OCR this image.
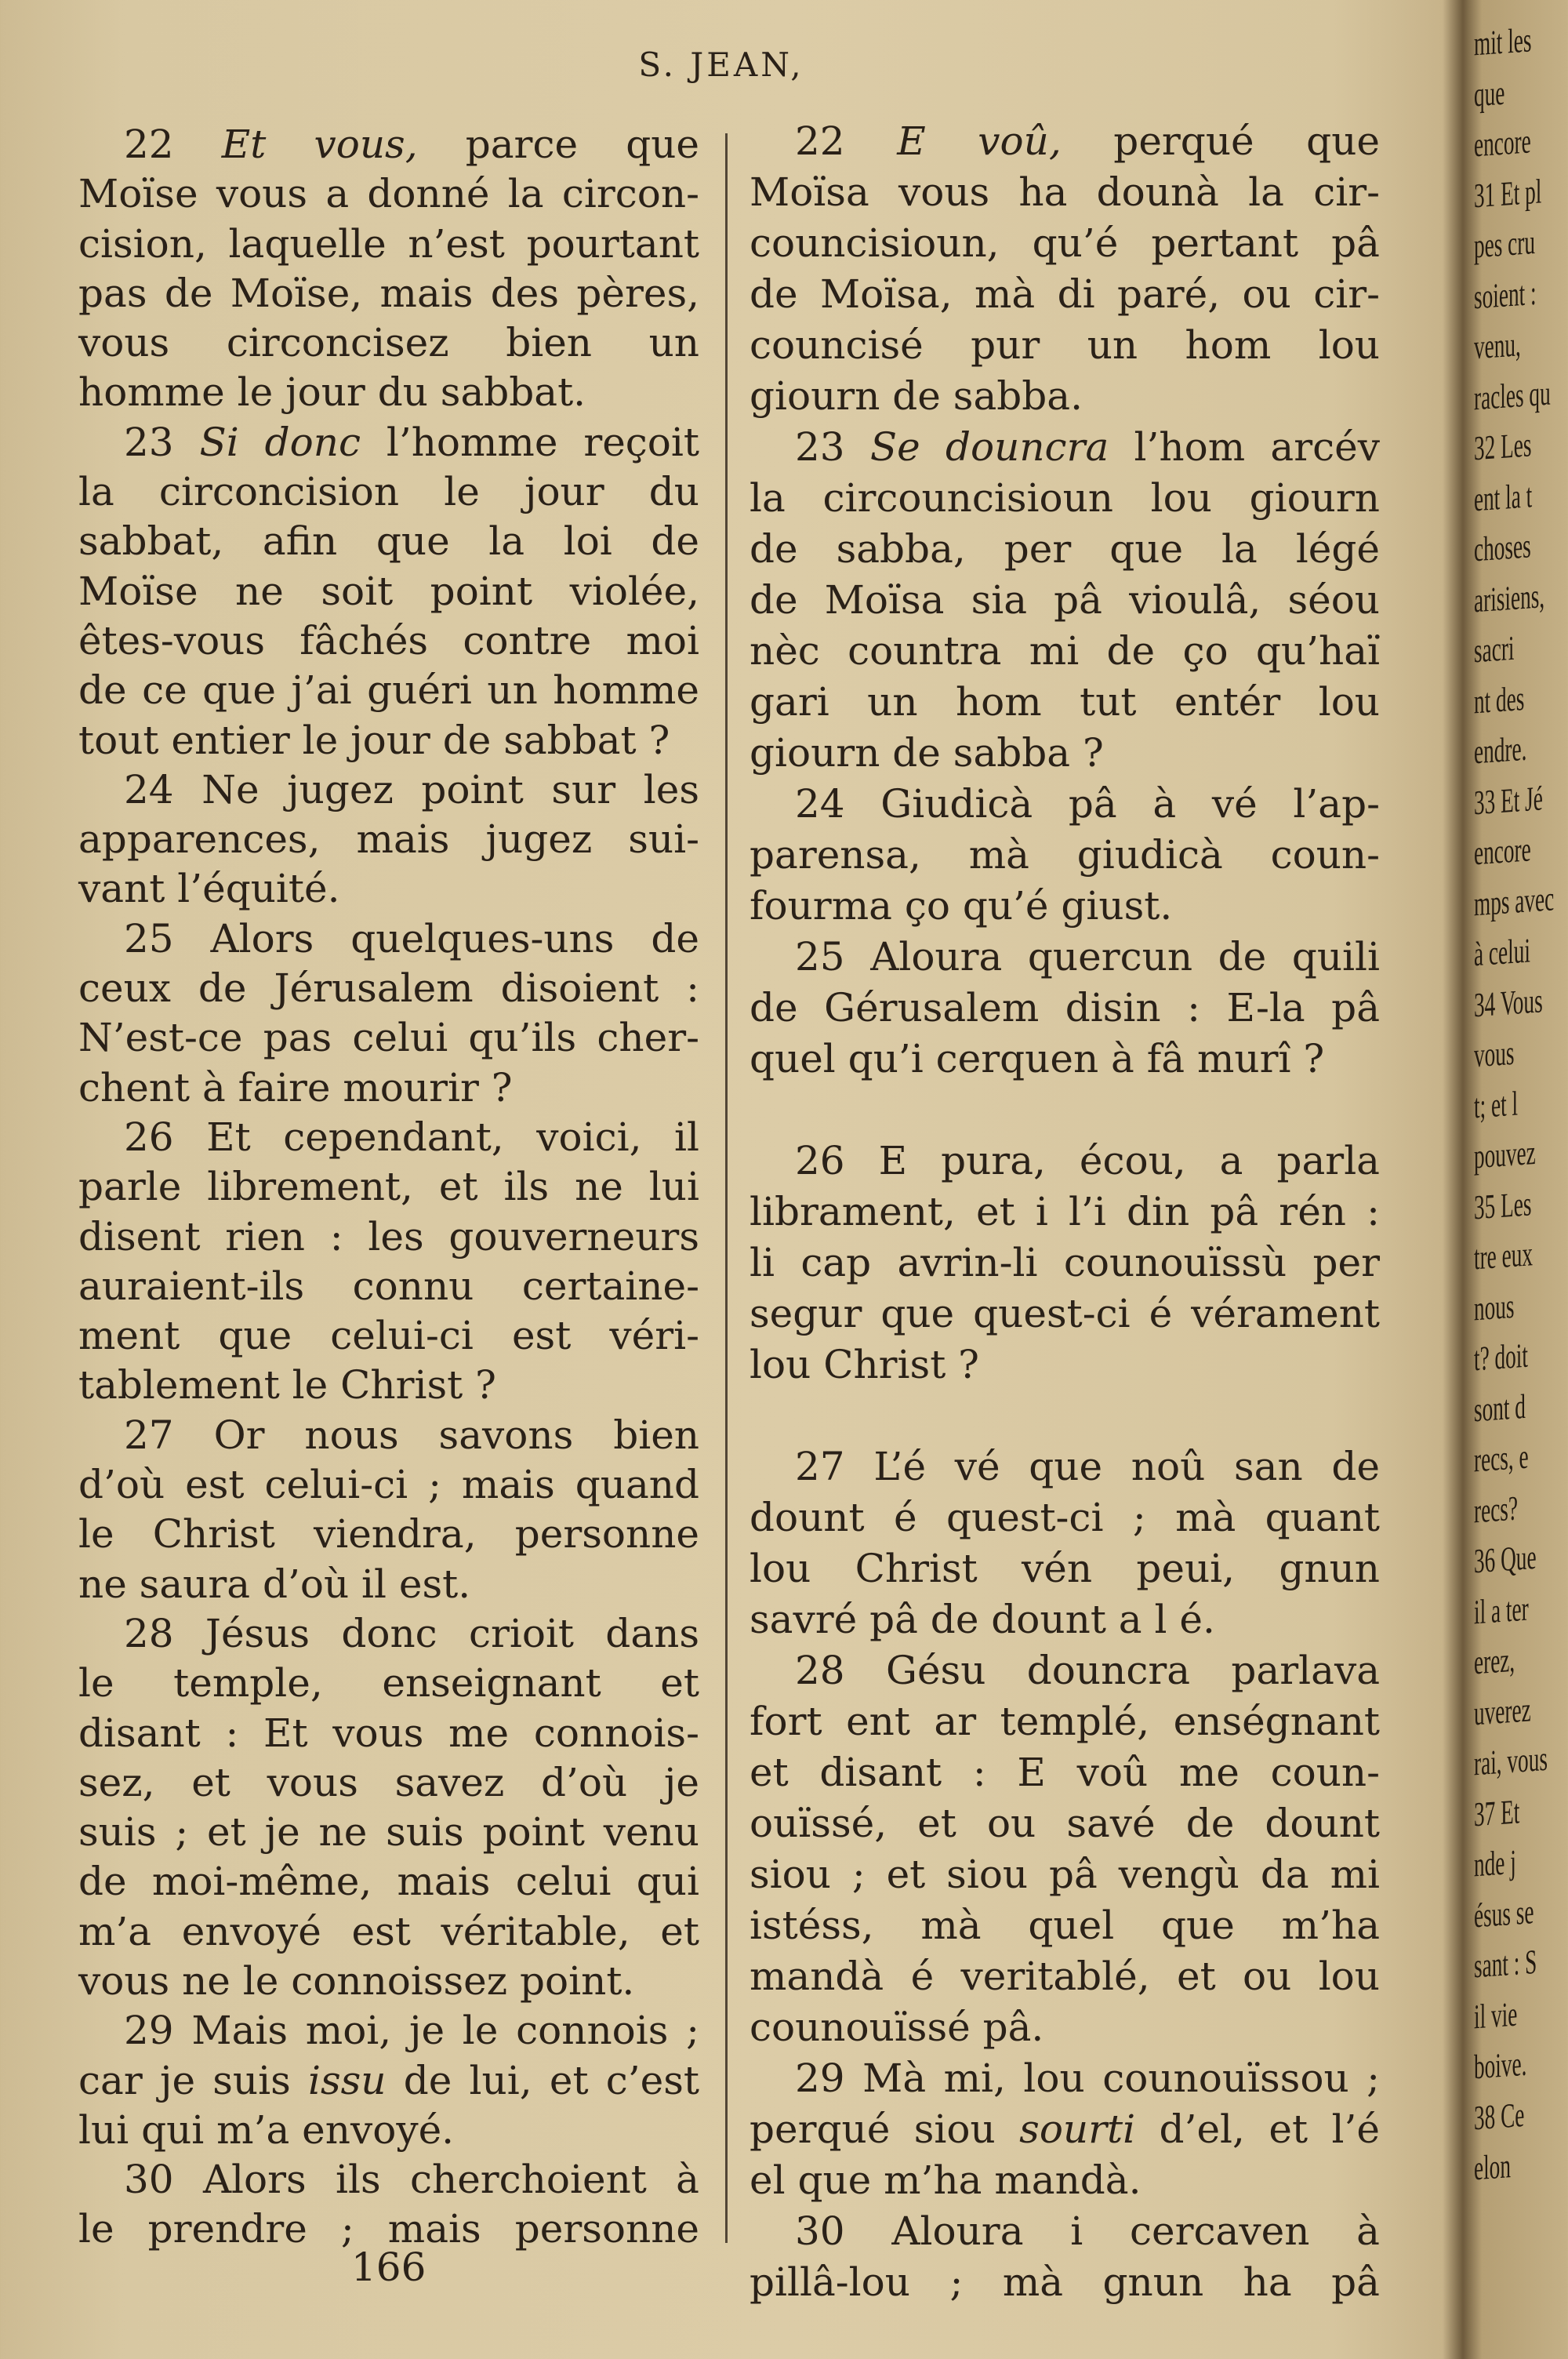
S. JEAN,
22 Et vous, parce que
Moïse vous a donné la circon-
cision, laquelle n’est pourtant
pas de Moïse, mais des pères,
vous circoncisez bien un
homme le jour du sabbat.
23 Si donc l’homme reçoit
la circoncision le jour du
sabbat, afin que la loi de
Moïse ne soit point violée,
êtes-vous fâchés contre moi
de ce que j’ai guéri un homme
tout entier le jour de sabbat ?
24 Ne jugez point sur les
apparences, mais jugez sui-
vant l’équité.
25 Alors quelques-uns de
ceux de Jérusalem disoient :
N’est-ce pas celui qu’ils cher-
chent à faire mourir ?
26 Et cependant, voici, il
parle librement, et ils ne lui
disent rien : les gouverneurs
auraient-ils connu certaine-
ment que celui-ci est véri-
tablement le Christ ?
27 Or nous savons bien
d’où est celui-ci ; mais quand
le Christ viendra, personne
ne saura d’où il est.
28 Jésus donc crioit dans
le temple, enseignant et
disant : Et vous me connois-
sez, et vous savez d’où je
suis ; et je ne suis point venu
de moi-même, mais celui qui
m’a envoyé est véritable, et
vous ne le connoissez point.
29 Mais moi, je le connois ;
car je suis issu de lui, et c’est
lui qui m’a envoyé.
30 Alors ils cherchoient à
le prendre ; mais personne
22 E voû, perqué que
Moïsa vous ha dounà la cir-
councisioun, qu’é pertant pâ
de Moïsa, mà di paré, ou cir-
councisé pur un hom lou
giourn de sabba.
23 Se douncra l’hom arcév
la circouncisioun lou giourn
de sabba, per que la légé
de Moïsa sia pâ vioulâ, séou
nèc countra mi de ço qu’haï
gari un hom tut entér lou
giourn de sabba ?
24 Giudicà pâ à vé l’ap-
parensa, mà giudicà coun-
fourma ço qu’é giust.
25 Aloura quercun de quili
de Gérusalem disin : E-la pâ
quel qu’i cerquen à fâ murî ?
26 E pura, écou, a parla
librament, et i l’i din pâ rén :
li cap avrin-li counouïssù per
segur que quest-ci é vérament
lou Christ ?
27 L’é vé que noû san de
dount é quest-ci ; mà quant
lou Christ vén peui, gnun
savré pâ de dount a l é.
28 Gésu douncra parlava
fort ent ar templé, enségnant
et disant : E voû me coun-
ouïssé, et ou savé de dount
siou ; et siou pâ vengù da mi
istéss, mà quel que m’ha
mandà é veritablé, et ou lou
counouïssé pâ.
29 Mà mi, lou counouïssou ;
perqué siou sourti d’el, et l’é
el que m’ha mandà.
30 Aloura i cercaven à
pillâ-lou ; mà gnun ha pâ
166
mit les
que
encore
31 Et pl
pes cru
soient :
venu,
racles qu
32 Les
ent la t
choses
arisiens,
sacri
nt des
endre.
33 Et Jé
encore
mps avec
à celui
34 Vous
vous
t; et l
pouvez
35 Les
tre eux
nous
t? doit
sont d
recs, e
recs?
36 Que
il a ter
erez,
uverez
rai, vous
37 Et
nde j
ésus se
sant : S
il vie
boive.
38 Ce
elon
